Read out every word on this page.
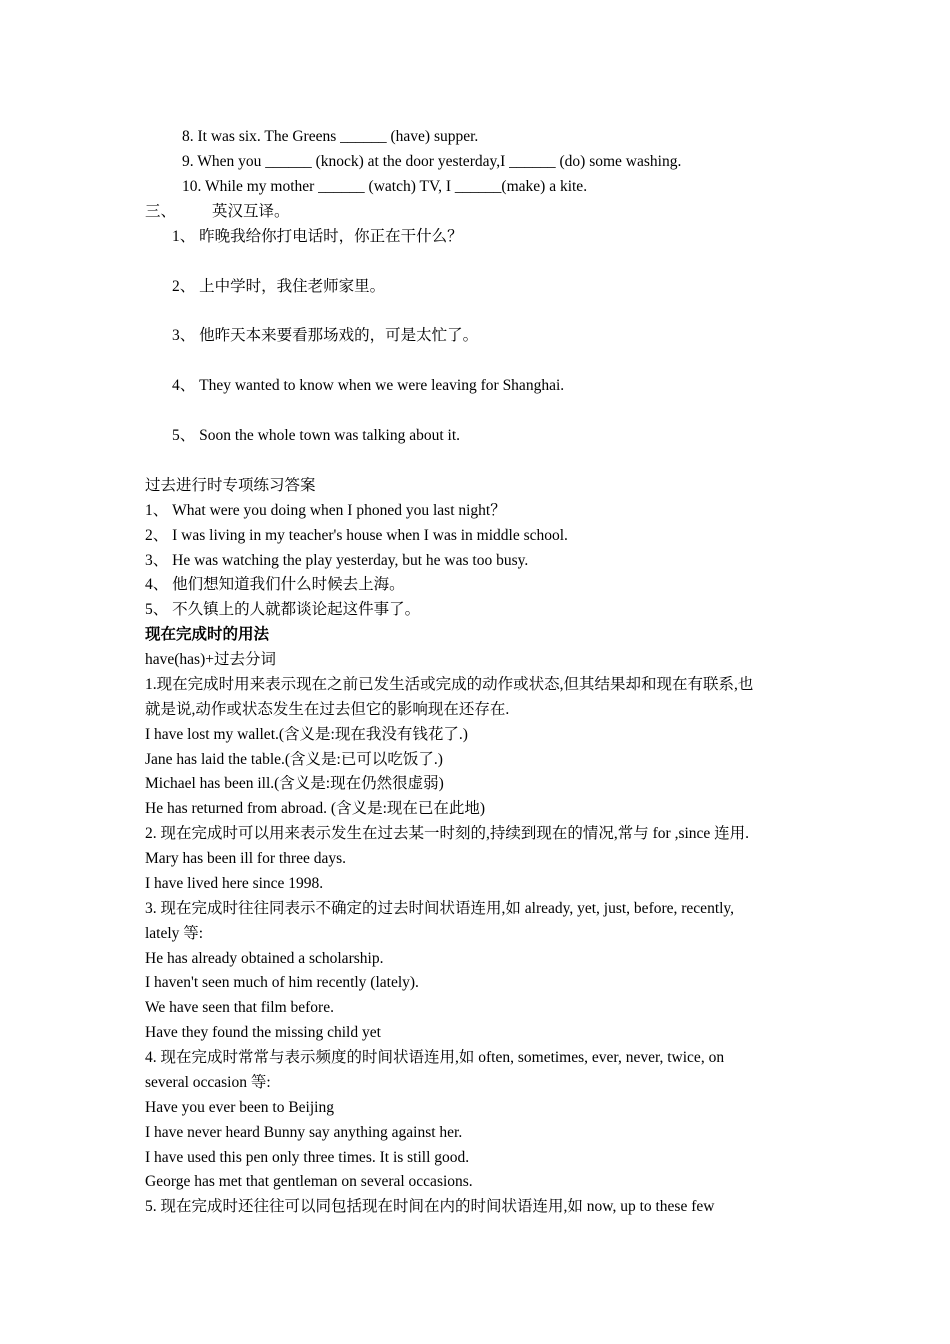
8. It was six. The Greens ______ (have) supper.
9. When you ______ (knock) at the door yesterday,I ______ (do) some washing.
10. While my mother ______ (watch) TV, I ______(make) a kite.
三、 英汉互译。
1、 昨晚我给你打电话时，你正在干什么？
2、 上中学时，我住老师家里。
3、 他昨天本来要看那场戏的，可是太忙了。
4、 They wanted to know when we were leaving for Shanghai.
5、 Soon the whole town was talking about it.
过去进行时专项练习答案
1、 What were you doing when I phoned you last night？
2、 I was living in my teacher's house when I was in middle school.
3、 He was watching the play yesterday, but he was too busy.
4、 他们想知道我们什么时候去上海。
5、 不久镇上的人就都谈论起这件事了。
现在完成时的用法
have(has)+过去分词
1.现在完成时用来表示现在之前已发生活或完成的动作或状态,但其结果却和现在有联系,也
就是说,动作或状态发生在过去但它的影响现在还存在.
I have lost my wallet.(含义是:现在我没有钱花了.)
Jane has laid the table.(含义是:已可以吃饭了.)
Michael has been ill.(含义是:现在仍然很虚弱)
He has returned from abroad. (含义是:现在已在此地)
2. 现在完成时可以用来表示发生在过去某一时刻的,持续到现在的情况,常与 for ,since 连用.
Mary has been ill for three days.
I have lived here since 1998.
3. 现在完成时往往同表示不确定的过去时间状语连用,如 already, yet, just, before, recently,
lately 等:
He has already obtained a scholarship.
I haven't seen much of him recently (lately).
We have seen that film before.
Have they found the missing child yet
4. 现在完成时常常与表示频度的时间状语连用,如 often, sometimes, ever, never, twice, on
several occasion 等:
Have you ever been to Beijing
I have never heard Bunny say anything against her.
I have used this pen only three times. It is still good.
George has met that gentleman on several occasions.
5. 现在完成时还往往可以同包括现在时间在内的时间状语连用,如 now, up to these few
